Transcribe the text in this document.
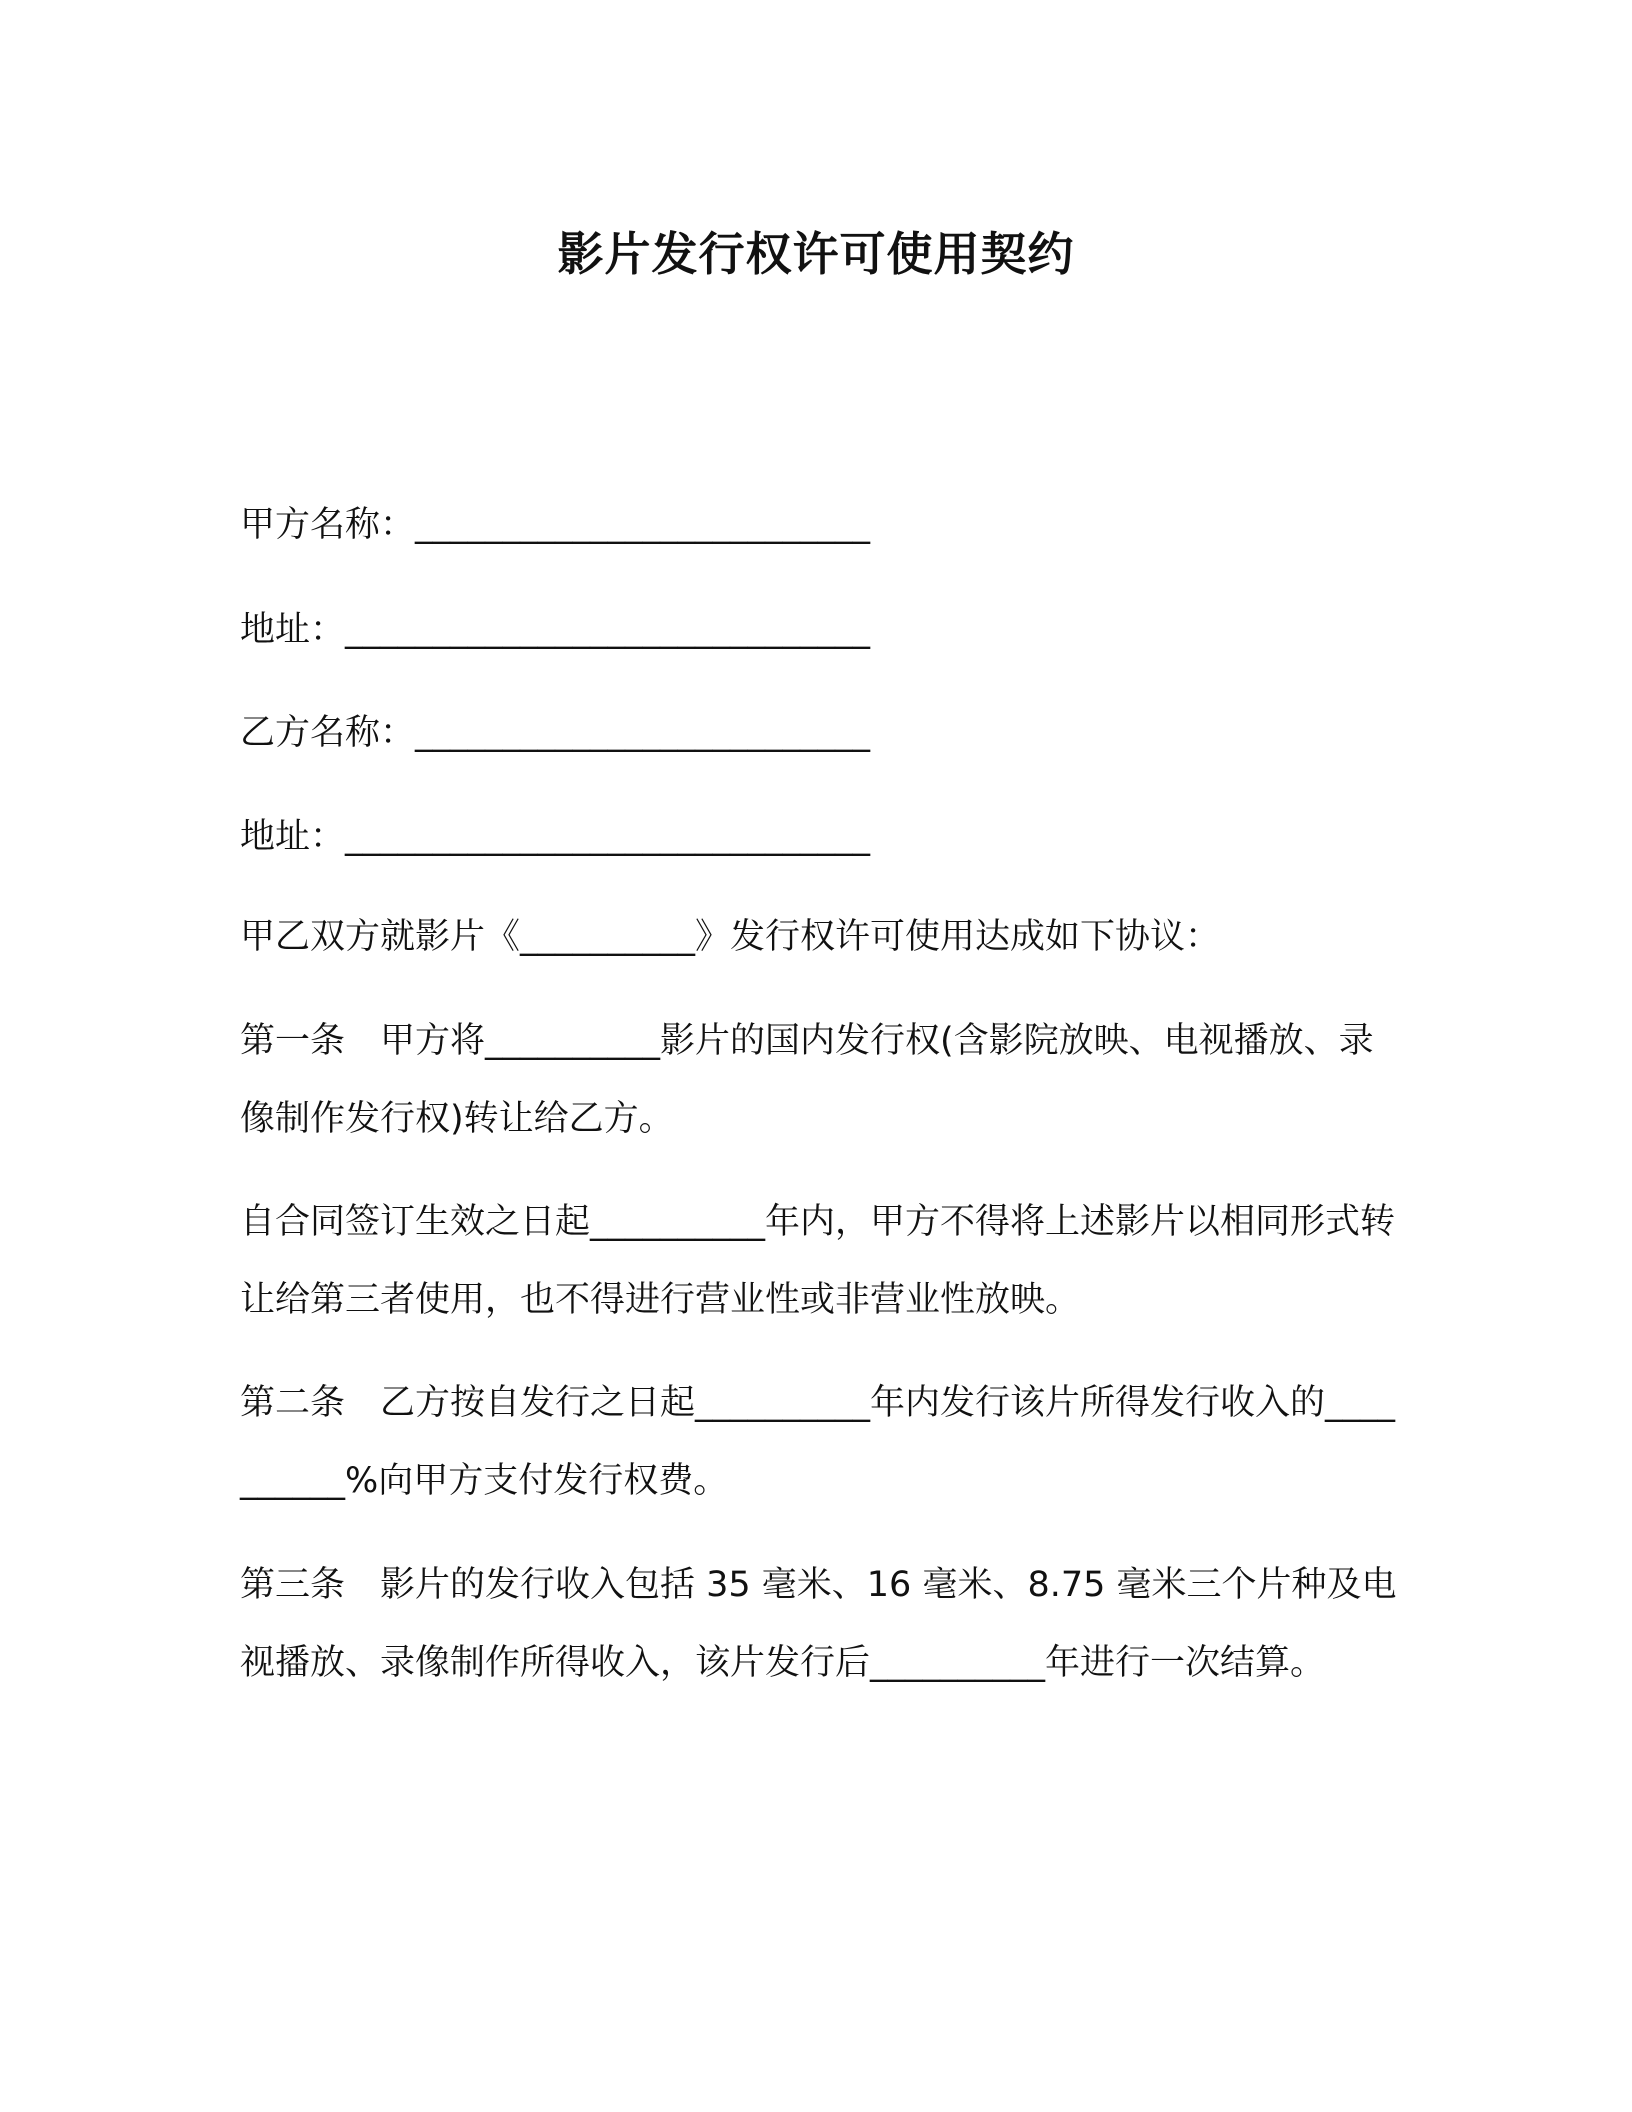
影片发行权许可使用契约
甲方名称：__________________________
地址：______________________________
乙方名称：__________________________
地址：______________________________
甲乙双方就影片《__________》发行权许可使用达成如下协议：
第一条　甲方将__________影片的国内发行权(含影院放映、电视播放、录像制作发行权)转让给乙方。
自合同签订生效之日起__________年内，甲方不得将上述影片以相同形式转让给第三者使用，也不得进行营业性或非营业性放映。
第二条　乙方按自发行之日起__________年内发行该片所得发行收入的__________%向甲方支付发行权费。
第三条　影片的发行收入包括 35 毫米、16 毫米、8.75 毫米三个片种及电视播放、录像制作所得收入，该片发行后__________年进行一次结算。
